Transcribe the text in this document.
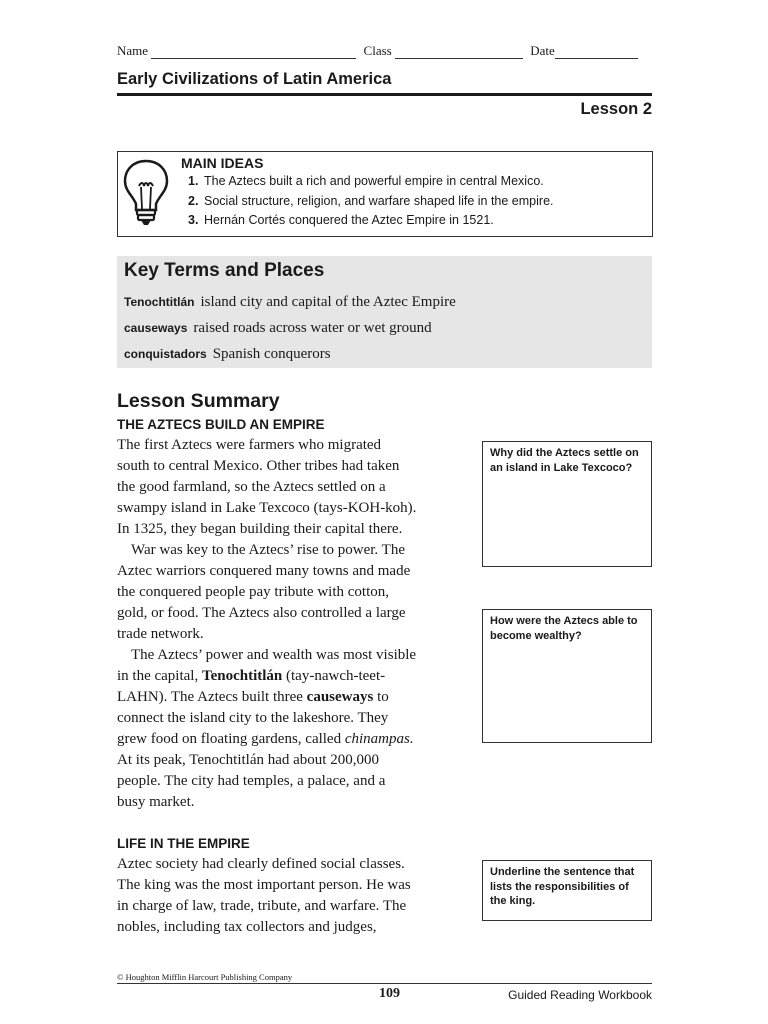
Name	Class	Date
Early Civilizations of Latin America
Lesson 2
MAIN IDEAS
1. The Aztecs built a rich and powerful empire in central Mexico.
2. Social structure, religion, and warfare shaped life in the empire.
3. Hernán Cortés conquered the Aztec Empire in 1521.
Key Terms and Places
Tenochtitlán island city and capital of the Aztec Empire
causeways raised roads across water or wet ground
conquistadors Spanish conquerors
Lesson Summary
THE AZTECS BUILD AN EMPIRE
The first Aztecs were farmers who migrated
south to central Mexico. Other tribes had taken
the good farmland, so the Aztecs settled on a
swampy island in Lake Texcoco (tays-KOH-koh).
In 1325, they began building their capital there.
War was key to the Aztecs’ rise to power. The
Aztec warriors conquered many towns and made
the conquered people pay tribute with cotton,
gold, or food. The Aztecs also controlled a large
trade network.
The Aztecs’ power and wealth was most visible
in the capital, Tenochtitlán (tay-nawch-teet-
LAHN). The Aztecs built three causeways to
connect the island city to the lakeshore. They
grew food on floating gardens, called chinampas.
At its peak, Tenochtitlán had about 200,000
people. The city had temples, a palace, and a
busy market.
LIFE IN THE EMPIRE
Aztec society had clearly defined social classes.
The king was the most important person. He was
in charge of law, trade, tribute, and warfare. The
nobles, including tax collectors and judges,
Why did the Aztecs settle on an island in Lake Texcoco?
How were the Aztecs able to become wealthy?
Underline the sentence that lists the responsibilities of the king.
© Houghton Mifflin Harcourt Publishing Company
109	Guided Reading Workbook
